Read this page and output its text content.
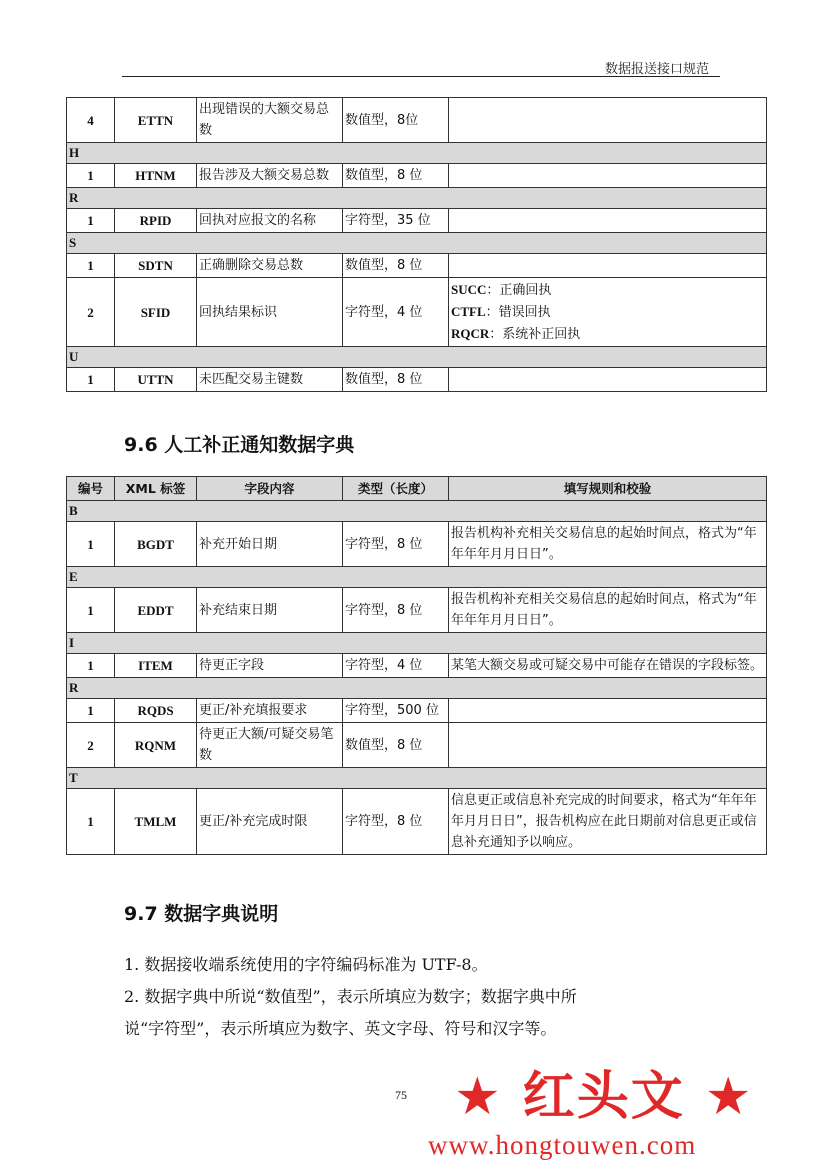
数据报送接口规范
4	ETTN	出现错误的大额交易总数	数值型，8位	
H				
1	HTNM	报告涉及大额交易总数	数值型，8 位	
R				
1	RPID	回执对应报文的名称	字符型，35 位	
S				
1	SDTN	正确删除交易总数	数值型，8 位	
2	SFID	回执结果标识	字符型，4 位	SUCC：正确回执
CTFL：错误回执
RQCR：系统补正回执

U				
1	UTTN	未匹配交易主键数	数值型，8 位	
9.6 人工补正通知数据字典
编号	XML 标签	字段内容	类型（长度）	填写规则和校验
B				
1	BGDT	补充开始日期	字符型，8 位	报告机构补充相关交易信息的起始时间点，格式为“年年年年月月日日”。
E				
1	EDDT	补充结束日期	字符型，8 位	报告机构补充相关交易信息的起始时间点，格式为“年年年年月月日日”。
I				
1	ITEM	待更正字段	字符型，4 位	某笔大额交易或可疑交易中可能存在错误的字段标签。
R				
1	RQDS	更正/补充填报要求	字符型，500 位	
2	RQNM	待更正大额/可疑交易笔数	数值型，8 位	
T				
1	TMLM	更正/补充完成时限	字符型，8 位	信息更正或信息补充完成的时间要求，格式为“年年年年月月日日”，报告机构应在此日期前对信息更正或信息补充通知予以响应。
9.7 数据字典说明
1. 数据接收端系统使用的字符编码标准为 UTF-8。
2. 数据字典中所说“数值型”，表示所填应为数字；数据字典中所
说“字符型”，表示所填应为数字、英文字母、符号和汉字等。
75 ★ 红头文 ★
www.hongtouwen.com
